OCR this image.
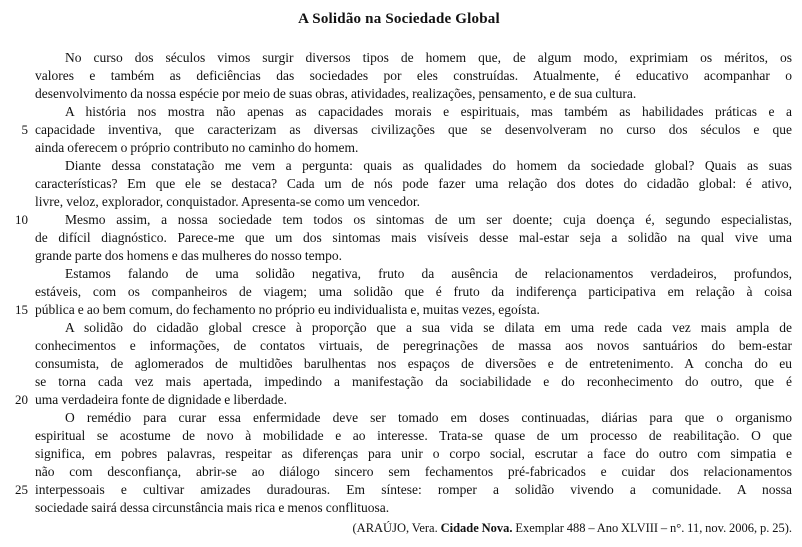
A Solidão na Sociedade Global
No curso dos séculos vimos surgir diversos tipos de homem que, de algum modo, exprimiam os méritos, os
valores e também as deficiências das sociedades por eles construídas. Atualmente, é educativo acompanhar o
desenvolvimento da nossa espécie por meio de suas obras, atividades, realizações, pensamento, e de sua cultura.
A história nos mostra não apenas as capacidades morais e espirituais, mas também as habilidades práticas e a
5 capacidade inventiva, que caracterizam as diversas civilizações que se desenvolveram no curso dos séculos e que
ainda oferecem o próprio contributo no caminho do homem.
Diante dessa constatação me vem a pergunta: quais as qualidades do homem da sociedade global? Quais as suas
características? Em que ele se destaca? Cada um de nós pode fazer uma relação dos dotes do cidadão global: é ativo,
livre, veloz, explorador, conquistador. Apresenta-se como um vencedor.
10	Mesmo assim, a nossa sociedade tem todos os sintomas de um ser doente; cuja doença é, segundo especialistas,
de difícil diagnóstico. Parece-me que um dos sintomas mais visíveis desse mal-estar seja a solidão na qual vive uma
grande parte dos homens e das mulheres do nosso tempo.
Estamos falando de uma solidão negativa, fruto da ausência de relacionamentos verdadeiros, profundos,
estáveis, com os companheiros de viagem; uma solidão que é fruto da indiferença participativa em relação à coisa
15 pública e ao bem comum, do fechamento no próprio eu individualista e, muitas vezes, egoísta.
A solidão do cidadão global cresce à proporção que a sua vida se dilata em uma rede cada vez mais ampla de
conhecimentos e informações, de contatos virtuais, de peregrinações de massa aos novos santuários do bem-estar
consumista, de aglomerados de multidões barulhentas nos espaços de diversões e de entretenimento. A concha do eu
se torna cada vez mais apertada, impedindo a manifestação da sociabilidade e do reconhecimento do outro, que é
20 uma verdadeira fonte de dignidade e liberdade.
O remédio para curar essa enfermidade deve ser tomado em doses continuadas, diárias para que o organismo
espiritual se acostume de novo à mobilidade e ao interesse. Trata-se quase de um processo de reabilitação. O que
significa, em pobres palavras, respeitar as diferenças para unir o corpo social, escrutar a face do outro com simpatia e
não com desconfiança, abrir-se ao diálogo sincero sem fechamentos pré-fabricados e cuidar dos relacionamentos
25 interpessoais e cultivar amizades duradouras. Em síntese: romper a solidão vivendo a comunidade. A nossa
sociedade sairá dessa circunstância mais rica e menos conflituosa.
(ARAÚJO, Vera. Cidade Nova. Exemplar 488 – Ano XLVIII – n°. 11, nov. 2006, p. 25).
